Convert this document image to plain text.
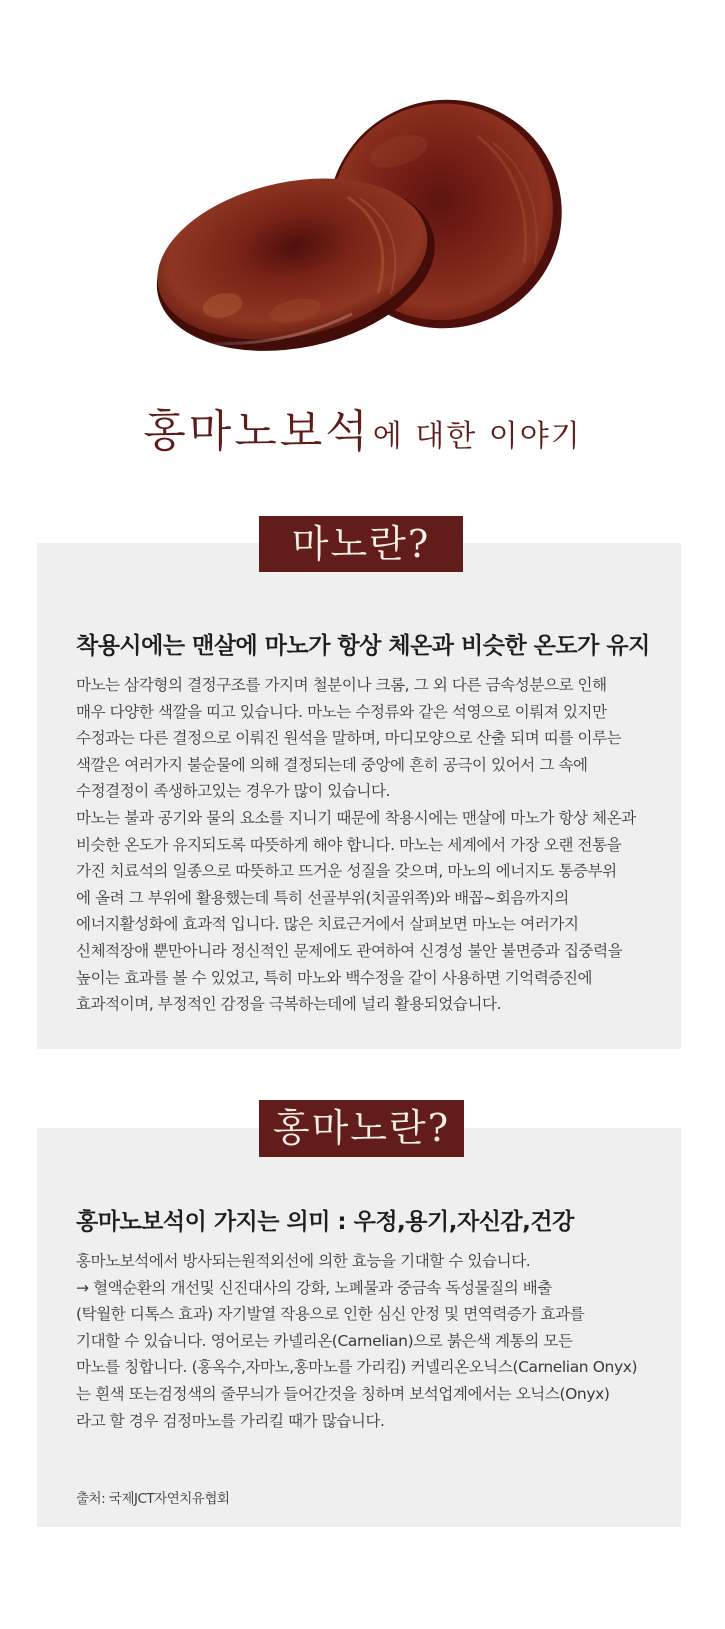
홍마노보석에 대한 이야기
마노란?
착용시에는 맨살에 마노가 항상 체온과 비슷한 온도가 유지
마노는 삼각형의 결정구조를 가지며 철분이나 크롬, 그 외 다른 금속성분으로 인해
매우 다양한 색깔을 띠고 있습니다. 마노는 수정류와 같은 석영으로 이뤄져 있지만
수정과는 다른 결정으로 이뤄진 원석을 말하며, 마디모양으로 산출 되며 띠를 이루는
색깔은 여러가지 불순물에 의해 결정되는데 중앙에 흔히 공극이 있어서 그 속에
수정결정이 족생하고있는 경우가 많이 있습니다.
마노는 불과 공기와 물의 요소를 지니기 때문에 착용시에는 맨살에 마노가 항상 체온과
비슷한 온도가 유지되도록 따뜻하게 해야 합니다. 마노는 세계에서 가장 오랜 전통을
가진 치료석의 일종으로 따뜻하고 뜨거운 성질을 갖으며, 마노의 에너지도 통증부위
에 올려 그 부위에 활용했는데 특히 선골부위(치골위쪽)와 배꼽~회음까지의
에너지활성화에 효과적 입니다. 많은 치료근거에서 살펴보면 마노는 여러가지
신체적장애 뿐만아니라 정신적인 문제에도 관여하여 신경성 불안 불면증과 집중력을
높이는 효과를 볼 수 있었고, 특히 마노와 백수정을 같이 사용하면 기억력증진에
효과적이며, 부정적인 감정을 극복하는데에 널리 활용되었습니다.
홍마노란?
홍마노보석이 가지는 의미 : 우정,용기,자신감,건강
홍마노보석에서 방사되는원적외선에 의한 효능을 기대할 수 있습니다.
→ 혈액순환의 개선및 신진대사의 강화, 노폐물과 중금속 독성물질의 배출
(탁월한 디톡스 효과) 자기발열 작용으로 인한 심신 안정 및 면역력증가 효과를
기대할 수 있습니다. 영어로는 카넬리온(Carnelian)으로 붉은색 계통의 모든
마노를 칭합니다. (홍옥수,자마노,홍마노를 가리킴) 커넬리온오닉스(Carnelian Onyx)
는 흰색 또는검정색의 줄무늬가 들어간것을 칭하며 보석업계에서는 오닉스(Onyx)
라고 할 경우 검정마노를 가리킬 때가 많습니다.
출처: 국제JCT자연치유협회
